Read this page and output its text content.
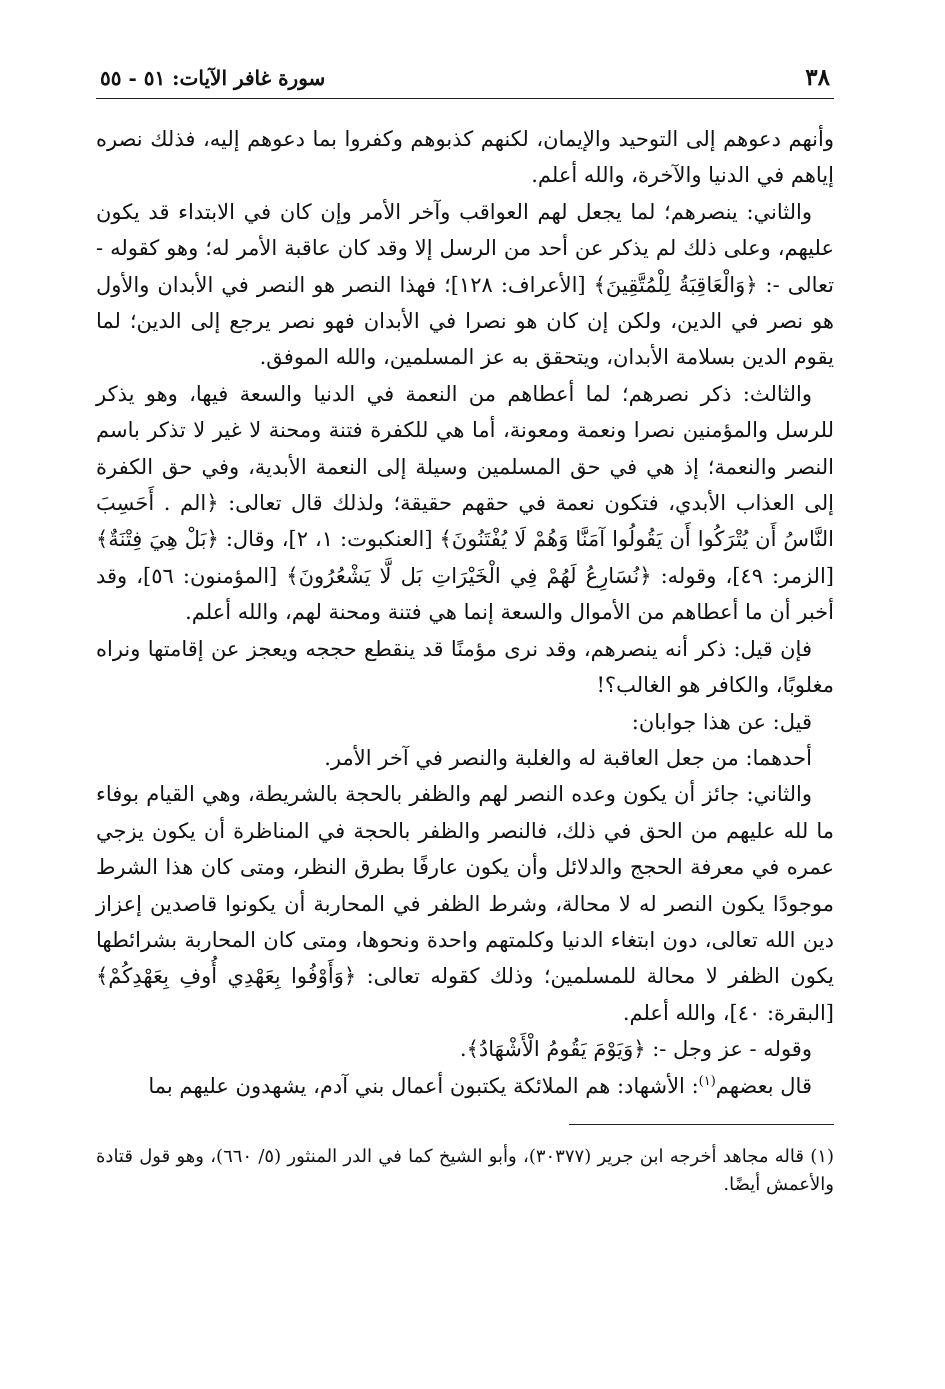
٣٨
سورة غافر الآيات: ٥١ - ٥٥

وأنهم دعوهم إلى التوحيد والإيمان، لكنهم كذبوهم وكفروا بما دعوهم إليه، فذلك نصره إياهم في الدنيا والآخرة، والله أعلم.

والثاني: ينصرهم؛ لما يجعل لهم العواقب وآخر الأمر وإن كان في الابتداء قد يكون عليهم، وعلى ذلك لم يذكر عن أحد من الرسل إلا وقد كان عاقبة الأمر له؛ وهو كقوله - تعالى -: ﴿وَالْعَاقِبَةُ لِلْمُتَّقِينَ﴾ [الأعراف: ١٢٨]؛ فهذا النصر هو النصر في الأبدان والأول هو نصر في الدين، ولكن إن كان هو نصرا في الأبدان فهو نصر يرجع إلى الدين؛ لما يقوم الدين بسلامة الأبدان، ويتحقق به عز المسلمين، والله الموفق.

والثالث: ذكر نصرهم؛ لما أعطاهم من النعمة في الدنيا والسعة فيها، وهو يذكر للرسل والمؤمنين نصرا ونعمة ومعونة، أما هي للكفرة فتنة ومحنة لا غير لا تذكر باسم النصر والنعمة؛ إذ هي في حق المسلمين وسيلة إلى النعمة الأبدية، وفي حق الكفرة إلى العذاب الأبدي، فتكون نعمة في حقهم حقيقة؛ ولذلك قال تعالى: ﴿الم . أَحَسِبَ النَّاسُ أَن يُتْرَكُوا أَن يَقُولُوا آمَنَّا وَهُمْ لَا يُفْتَنُونَ﴾ [العنكبوت: ١، ٢]، وقال: ﴿بَلْ هِيَ فِتْنَةٌ﴾ [الزمر: ٤٩]، وقوله: ﴿نُسَارِعُ لَهُمْ فِي الْخَيْرَاتِ بَل لَّا يَشْعُرُونَ﴾ [المؤمنون: ٥٦]، وقد أخبر أن ما أعطاهم من الأموال والسعة إنما هي فتنة ومحنة لهم، والله أعلم.

فإن قيل: ذكر أنه ينصرهم، وقد نرى مؤمنًا قد ينقطع حججه ويعجز عن إقامتها ونراه مغلوبًا، والكافر هو الغالب؟!

قيل: عن هذا جوابان:

أحدهما: من جعل العاقبة له والغلبة والنصر في آخر الأمر.

والثاني: جائز أن يكون وعده النصر لهم والظفر بالحجة بالشريطة، وهي القيام بوفاء ما لله عليهم من الحق في ذلك، فالنصر والظفر بالحجة في المناظرة أن يكون يزجي عمره في معرفة الحجج والدلائل وأن يكون عارفًا بطرق النظر، ومتى كان هذا الشرط موجودًا يكون النصر له لا محالة، وشرط الظفر في المحاربة أن يكونوا قاصدين إعزاز دين الله تعالى، دون ابتغاء الدنيا وكلمتهم واحدة ونحوها، ومتى كان المحاربة بشرائطها يكون الظفر لا محالة للمسلمين؛ وذلك كقوله تعالى: ﴿وَأَوْفُوا بِعَهْدِي أُوفِ بِعَهْدِكُمْ﴾ [البقرة: ٤٠]، والله أعلم.

وقوله - عز وجل -: ﴿وَيَوْمَ يَقُومُ الْأَشْهَادُ﴾.

قال بعضهم$^{(١)}$: الأشهاد: هم الملائكة يكتبون أعمال بني آدم، يشهدون عليهم بما

(١) قاله مجاهد أخرجه ابن جرير (٣٠٣٧٧)، وأبو الشيخ كما في الدر المنثور (٥/ ٦٦٠)، وهو قول قتادة والأعمش أيضًا.
